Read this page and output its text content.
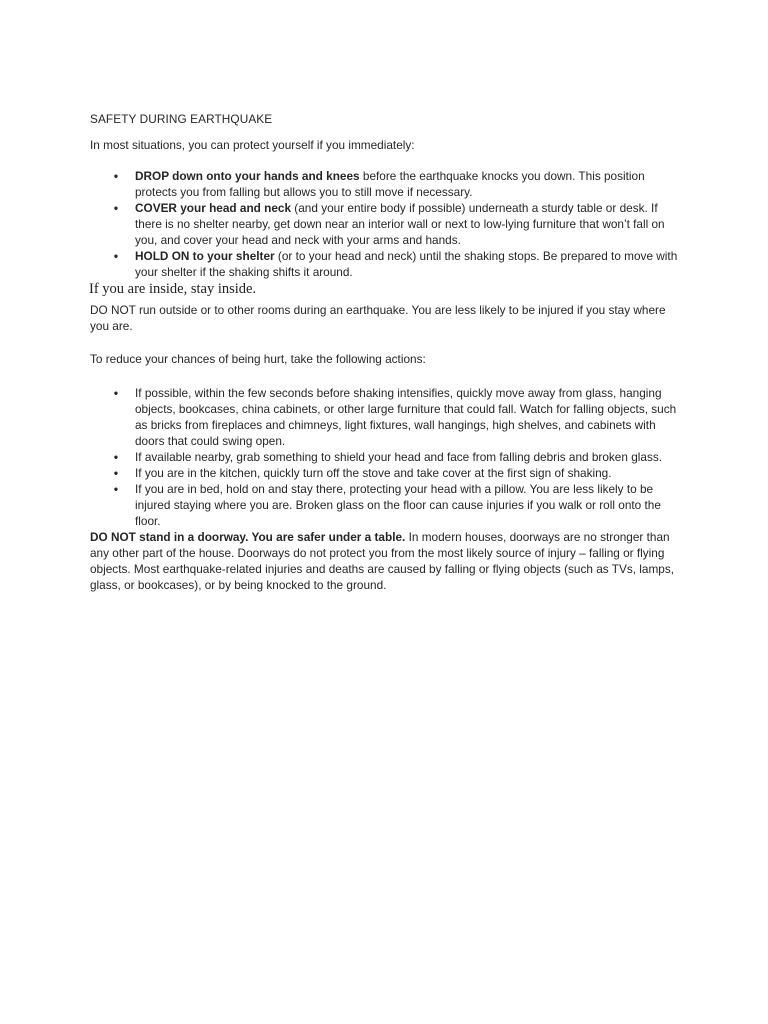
SAFETY DURING EARTHQUAKE

In most situations, you can protect yourself if you immediately:

• DROP down onto your hands and knees before the earthquake knocks you down. This position protects you from falling but allows you to still move if necessary.
• COVER your head and neck (and your entire body if possible) underneath a sturdy table or desk. If there is no shelter nearby, get down near an interior wall or next to low-lying furniture that won’t fall on you, and cover your head and neck with your arms and hands.
• HOLD ON to your shelter (or to your head and neck) until the shaking stops. Be prepared to move with your shelter if the shaking shifts it around.

If you are inside, stay inside.

DO NOT run outside or to other rooms during an earthquake. You are less likely to be injured if you stay where you are.

To reduce your chances of being hurt, take the following actions:

• If possible, within the few seconds before shaking intensifies, quickly move away from glass, hanging objects, bookcases, china cabinets, or other large furniture that could fall. Watch for falling objects, such as bricks from fireplaces and chimneys, light fixtures, wall hangings, high shelves, and cabinets with doors that could swing open.
• If available nearby, grab something to shield your head and face from falling debris and broken glass.
• If you are in the kitchen, quickly turn off the stove and take cover at the first sign of shaking.
• If you are in bed, hold on and stay there, protecting your head with a pillow. You are less likely to be injured staying where you are. Broken glass on the floor can cause injuries if you walk or roll onto the floor.

DO NOT stand in a doorway. You are safer under a table. In modern houses, doorways are no stronger than any other part of the house. Doorways do not protect you from the most likely source of injury – falling or flying objects. Most earthquake-related injuries and deaths are caused by falling or flying objects (such as TVs, lamps, glass, or bookcases), or by being knocked to the ground.
